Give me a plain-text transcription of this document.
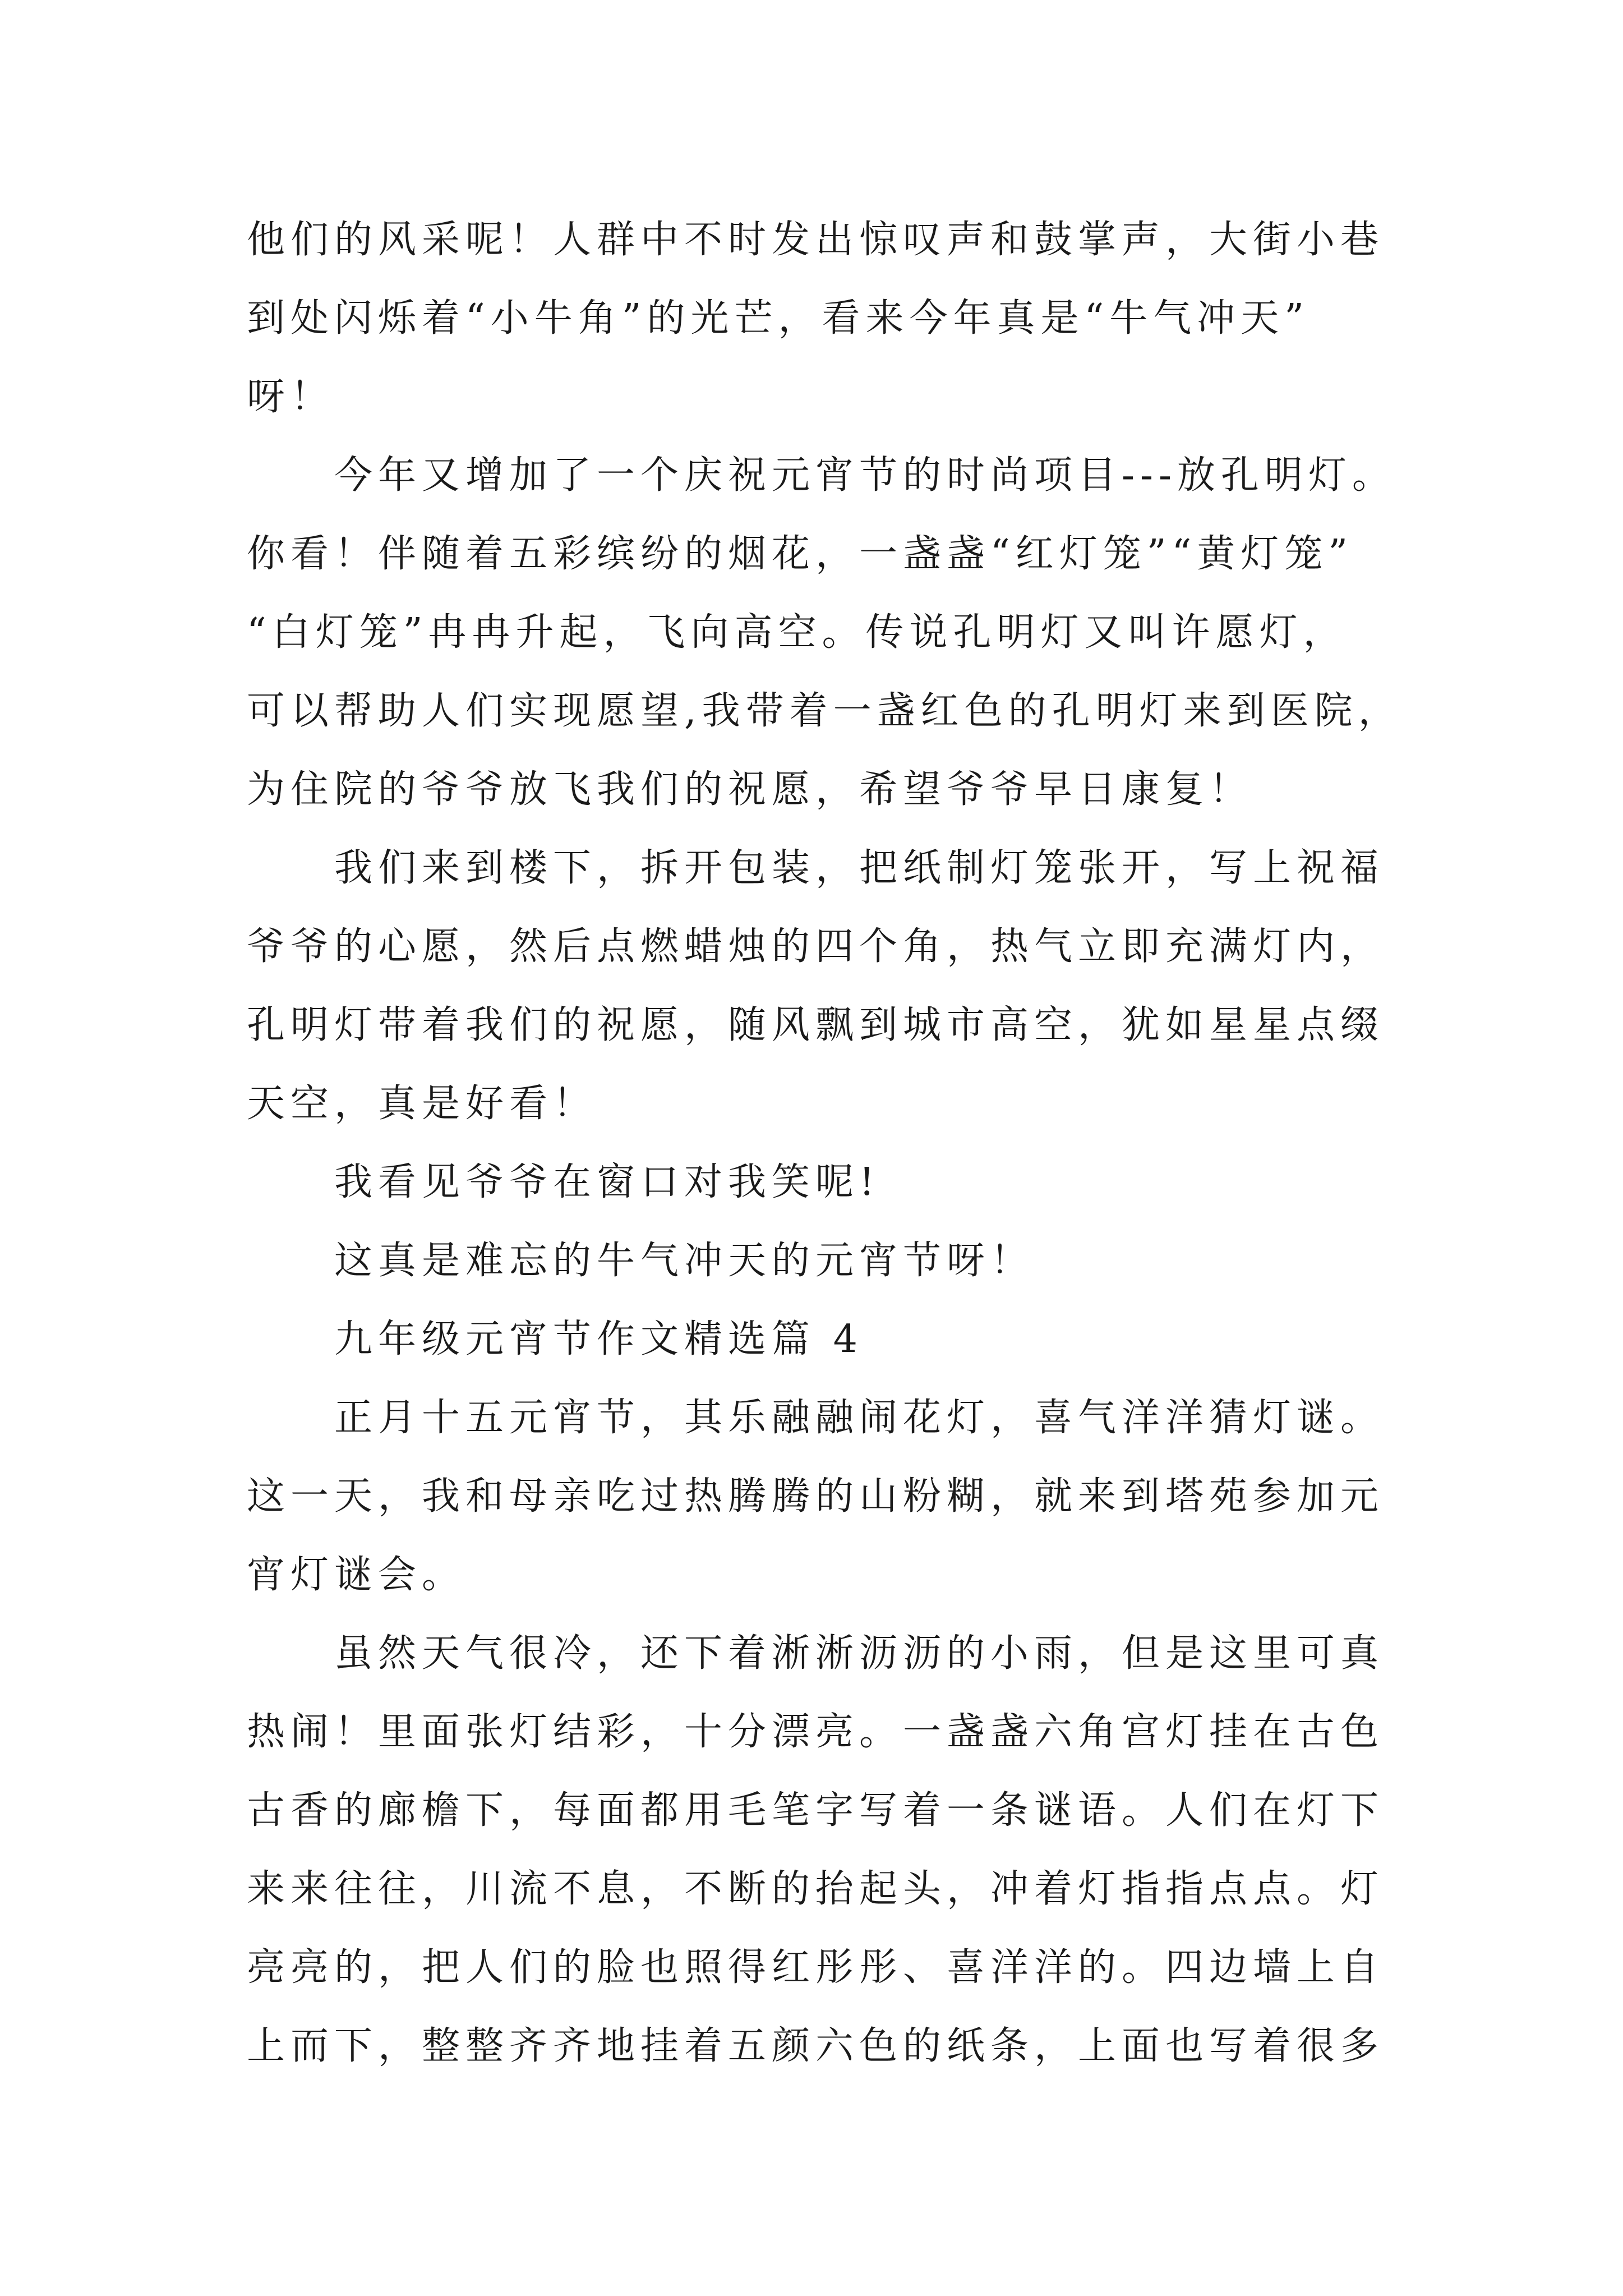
他们的风采呢！人群中不时发出惊叹声和鼓掌声，大街小巷
到处闪烁着“小牛角”的光芒，看来今年真是“牛气冲天”
呀！
今年又增加了一个庆祝元宵节的时尚项目---放孔明灯。
你看！伴随着五彩缤纷的烟花，一盏盏“红灯笼”“黄灯笼”
“白灯笼”冉冉升起，飞向高空。传说孔明灯又叫许愿灯，
可以帮助人们实现愿望,我带着一盏红色的孔明灯来到医院，
为住院的爷爷放飞我们的祝愿，希望爷爷早日康复！
我们来到楼下，拆开包装，把纸制灯笼张开，写上祝福
爷爷的心愿，然后点燃蜡烛的四个角，热气立即充满灯内，
孔明灯带着我们的祝愿，随风飘到城市高空，犹如星星点缀
天空，真是好看！
我看见爷爷在窗口对我笑呢!
这真是难忘的牛气冲天的元宵节呀！
九年级元宵节作文精选篇 4
正月十五元宵节，其乐融融闹花灯，喜气洋洋猜灯谜。
这一天，我和母亲吃过热腾腾的山粉糊，就来到塔苑参加元
宵灯谜会。
虽然天气很冷，还下着淅淅沥沥的小雨，但是这里可真
热闹！里面张灯结彩，十分漂亮。一盏盏六角宫灯挂在古色
古香的廊檐下，每面都用毛笔字写着一条谜语。人们在灯下
来来往往，川流不息，不断的抬起头，冲着灯指指点点。灯
亮亮的，把人们的脸也照得红彤彤、喜洋洋的。四边墙上自
上而下，整整齐齐地挂着五颜六色的纸条，上面也写着很多
